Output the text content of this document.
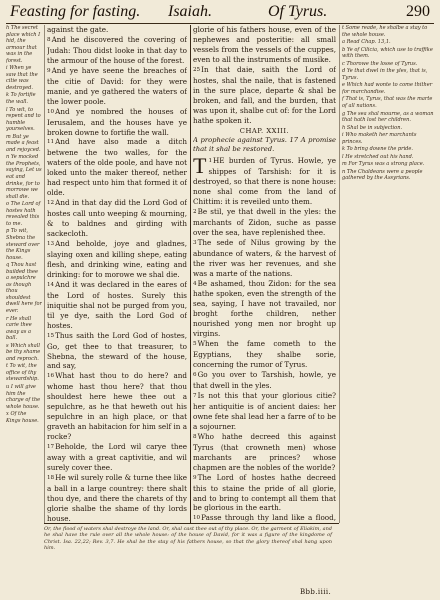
Feasting for fasting. Isaiah.	Of Tyrus.	290
h The secret place which I hid, the armour that was in the forest.
i When ye saw that the citie was destroyed.
k To fortifie the wall.
l To wit, to repent and to humble yourselves.
m But ye made a feast and rejoyced.
n Ye mocked the Prophets, saying, Let us eat and drinke, for to morrowe we shall die.
o The Lord of hostes hath revealed this to me.
p To wit, Shebna the steward over the Kings house.
q Thou hast builded thee a sepulchre as though thou shouldest dwell here for ever.
r He shall carie thee away as a ball.
s Which shall be thy shame and reproch.
t To wit, the office of thy stewardship.
u I will give him the charge of the whole house.
x Of the Kings house.

against the gate.

8And he discovered the covering of Judah: Thou didst looke in that day to the armour of the house of the forest.

9And ye have seene the breaches of the citie of David: for they were manie, and ye gathered the waters of the lower poole.

10And ye nombred the houses of Ierusalem, and the houses have ye broken downe to fortifie the wall.

11And have also made a ditch betwene the two walles, for the waters of the olde poole, and have not loked unto the maker thereof, nether had respect unto him that formed it of olde.

12And in that day did the Lord God of hostes call unto weeping & mourning, & to baldnes and girding with sackecloth.

13And beholde, joye and gladnes, slaying oxen and killing shepe, eating flesh, and drinking wine, eating and drinking: for to morowe we shal die.

14And it was declared in the eares of the Lord of hostes. Surely this iniquitie shal not be purged from you, til ye dye, saith the Lord God of hostes.

15Thus saith the Lord God of hostes, Go, get thee to that treasurer, to Shebna, the steward of the house, and say,

16What hast thou to do here? and whome hast thou here? that thou shouldest here hewe thee out a sepulchre, as he that heweth out his sepulchre in an high place, or that graveth an habitacion for him self in a rocke?

17Beholde, the Lord wil carye thee away with a great captivitie, and wil surely cover thee.

18He wil surely rolle & turne thee like a ball in a large countrey: there shalt thou dye, and there the charets of thy glorie shalbe the shame of thy lords house.

glorie of his fathers house, even of the nephewes and posteritie: all small vessels from the vessels of the cuppes, even to all the instruments of musike.

25In that daie, saith the Lord of hostes, shal the naile, that is fastened in the sure place, departe & shal be broken, and fall, and the burden, that was upon it, shalbe cut of: for the Lord hathe spoken it.

CHAP. XXIII.
A prophecie against Tyrus. 17 A promise that it shal be restored.
T 1HE burden of Tyrus. Howle, ye shippes of Tarshish: for it is destroyed, so that there is none house: none shal come from the land of Chittim: it is reveiled unto them.

2Be stil, ye that dwell in the yles: the marchants of Zidon, suche as passe over the sea, have replenished thee.

3The sede of Nilus growing by the abundance of waters, & the harvest of the river was her revenues, and she was a marte of the nations.

4Be ashamed, thou Zidon: for the sea hathe spoken, even the strength of the sea, saying, I have not travailed, nor broght forthe children, nether nourished yong men nor broght up virgins.

5When the fame cometh to the Egyptians, they shalbe sorie, concerning the rumor of Tyrus.

6Go you over to Tarshish, howle, ye that dwell in the yles.

7Is not this that your glorious citie? her antiquitie is of ancient daies: her owne fete shal lead her a farre of to be a sojourner.

8Who hathe decreed this against Tyrus (that crowneth men) whose marchants are princes? whose chapmen are the nobles of the worlde?

9The Lord of hostes hathe decreed this to staine the pride of all glorie, and to bring to contempt all them that be glorious in the earth.

10Passe through thy land like a flood,

t Some reade, he shalbe a stay to the whole house.
a Read Chap. 13,1.
b Ye of Cilicia, which use to traffike with them.
c Thorowe the losse of Tyrus.
d Ye that dwel in the yles, that is, Tyrus.
e Which had wonte to come thither for marchandise.
f That is, Tyrus, that was the marte of all nations.
g The sea shal mourne, as a woman that hath lost her children.
h Shal be in subjection.
i Who maketh her marchants princes.
k To bring downe the pride.
l He stretched out his hand.
m For Tyrus was a strong place.
n The Chaldeans were a people gathered by the Assyrians.
Or, the flood of waters shal destroye the land. Or, shal cast thee out of thy place. Or, the garment of Eliakim, and he shal have the rule over all the whole house: of the house of David, for it was a figure of the kingdome of Christ. Isa. 22,22; Rev. 3,7. He shal be the stay of his fathers house, so that the glory thereof shal hang upon him.
Bbb.iiii.
